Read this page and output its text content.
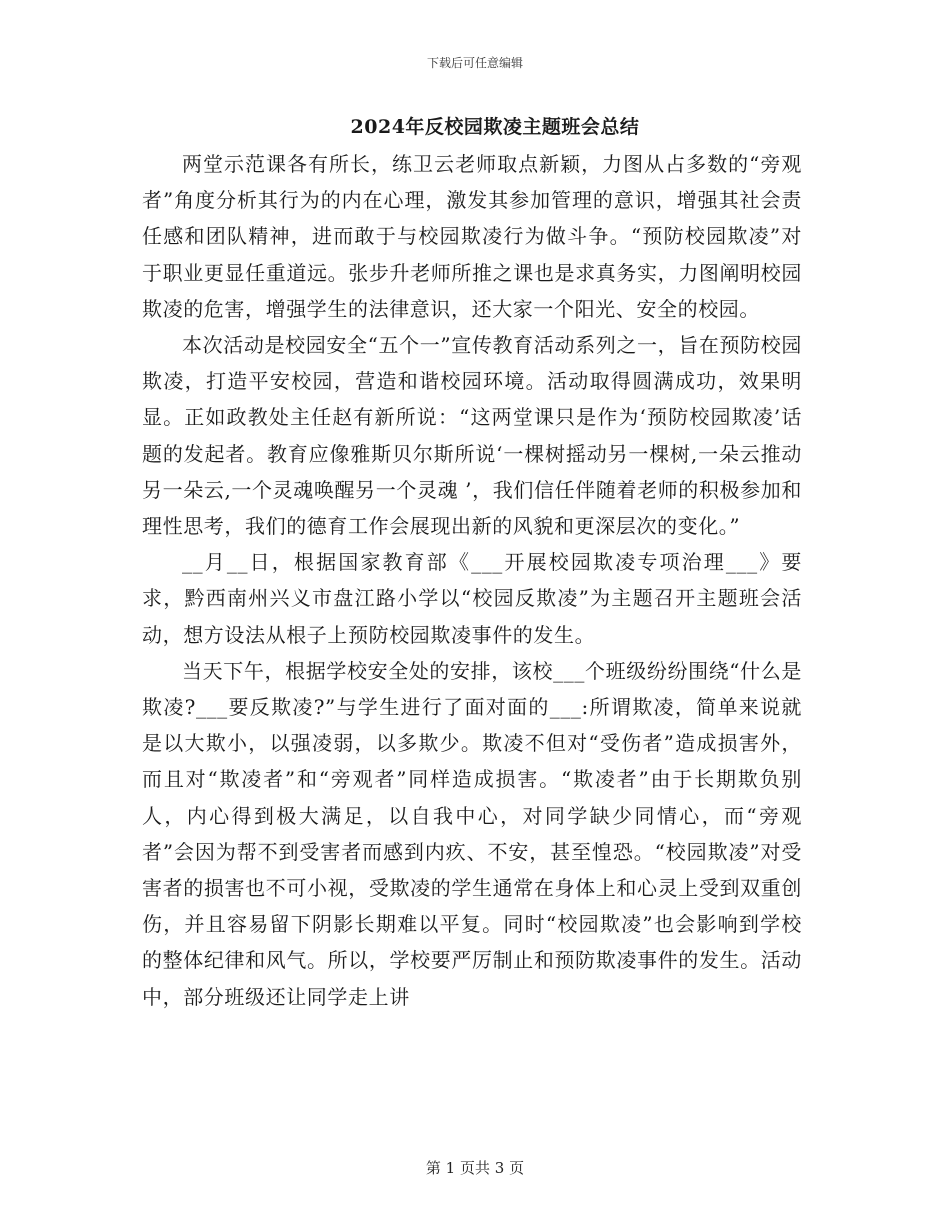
下载后可任意编辑
2024年反校园欺凌主题班会总结

两堂示范课各有所长，练卫云老师取点新颖，力图从占多数的“旁观者”角度分析其行为的内在心理，激发其参加管理的意识，增强其社会责任感和团队精神，进而敢于与校园欺凌行为做斗争。“预防校园欺凌”对于职业更显任重道远。张步升老师所推之课也是求真务实，力图阐明校园欺凌的危害，增强学生的法律意识，还大家一个阳光、安全的校园。

本次活动是校园安全“五个一”宣传教育活动系列之一，旨在预防校园欺凌，打造平安校园，营造和谐校园环境。活动取得圆满成功，效果明显。正如政教处主任赵有新所说：“这两堂课只是作为‘预防校园欺凌’话题的发起者。教育应像雅斯贝尔斯所说‘一棵树摇动另一棵树,一朵云推动另一朵云,一个灵魂唤醒另一个灵魂 ’，我们信任伴随着老师的积极参加和理性思考，我们的德育工作会展现出新的风貌和更深层次的变化。”

__月__日，根据国家教育部《___开展校园欺凌专项治理___》要求，黔西南州兴义市盘江路小学以“校园反欺凌”为主题召开主题班会活动，想方设法从根子上预防校园欺凌事件的发生。

当天下午，根据学校安全处的安排，该校___个班级纷纷围绕“什么是欺凌?___要反欺凌?”与学生进行了面对面的___:所谓欺凌，简单来说就是以大欺小，以强凌弱，以多欺少。欺凌不但对“受伤者”造成损害外，而且对“欺凌者”和“旁观者”同样造成损害。“欺凌者”由于长期欺负别人，内心得到极大满足，以自我中心，对同学缺少同情心，而“旁观者”会因为帮不到受害者而感到内疚、不安，甚至惶恐。“校园欺凌”对受害者的损害也不可小视，受欺凌的学生通常在身体上和心灵上受到双重创伤，并且容易留下阴影长期难以平复。同时“校园欺凌”也会影响到学校的整体纪律和风气。所以，学校要严厉制止和预防欺凌事件的发生。活动中，部分班级还让同学走上讲

第 1 页共 3 页
